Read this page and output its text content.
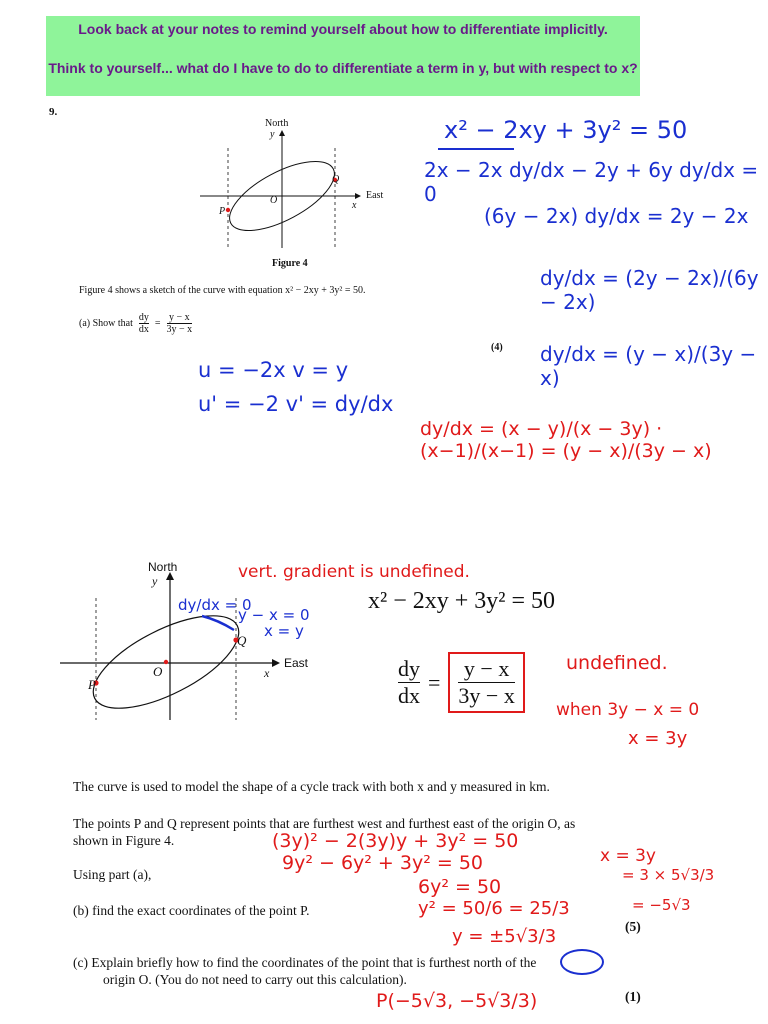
Look back at your notes to remind yourself about how to differentiate implicitly.
Think to yourself... what do I have to do to differentiate a term in y, but with respect to x?
9.
North
y
O	East
x
P
Q
Figure 4
Figure 4 shows a sketch of the curve with equation x² − 2xy + 3y² = 50.
(a) Show that $\frac{dy}{dx} = \frac{y - x}{3y - x}$
(4)
x² − 2xy + 3y² = 50
2x − 2x dy/dx − 2y + 6y dy/dx = 0
(6y − 2x) dy/dx = 2y − 2x
dy/dx = (2y − 2x)/(6y − 2x)
dy/dx = (y − x)/(3y − x)
u = −2x v = y
u' = −2 v' = dy/dx
dy/dx = (x − y)/(x − 3y) · (x−1)/(x−1) = (y − x)/(3y − x)
North
y
O
East
x
P
Q
dy/dx = 0
y − x = 0
x = y
vert. gradient is undefined.
x² − 2xy + 3y² = 50
$\frac{dy}{dx} = \frac{y - x}{3y - x}$ undefined.
when 3y − x = 0
x = 3y
The curve is used to model the shape of a cycle track with both x and y measured in km.
The points P and Q represent points that are furthest west and furthest east of the origin O, as
shown in Figure 4.
Using part (a),
(b) find the exact coordinates of the point P.
(5)
(c) Explain briefly how to find the coordinates of the point that is furthest north of the
origin O. (You do not need to carry out this calculation).
(1)
(3y)² − 2(3y)y + 3y² = 50
9y² − 6y² + 3y² = 50
6y² = 50
y² = 50/6 = 25/3
y = ±5√3/3
x = 3y
= 3 × 5√3/3
= −5√3
P(−5√3, −5√3/3)
